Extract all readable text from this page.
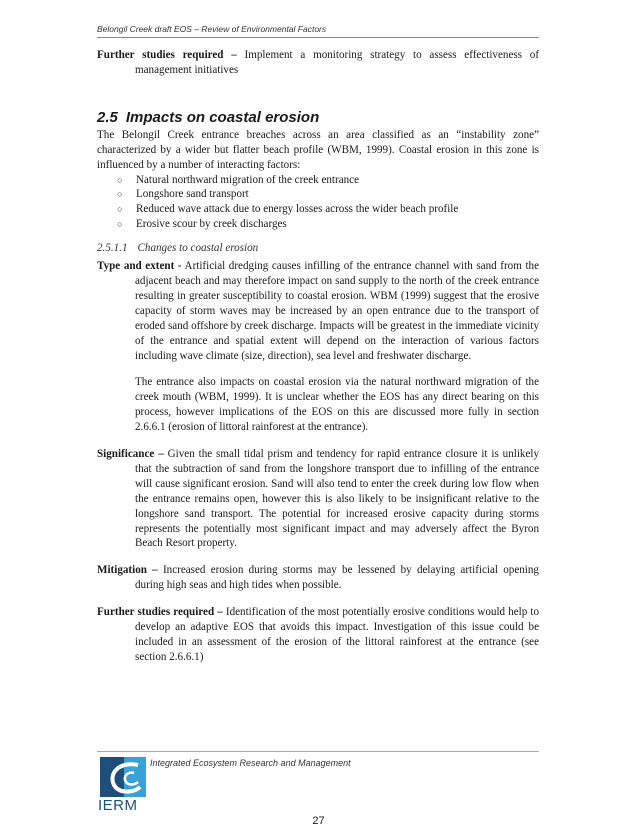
Belongil Creek draft EOS – Review of Environmental Factors

Further studies required – Implement a monitoring strategy to assess effectiveness of management initiatives

2.5 Impacts on coastal erosion

The Belongil Creek entrance breaches across an area classified as an “instability zone” characterized by a wider but flatter beach profile (WBM, 1999). Coastal erosion in this zone is influenced by a number of interacting factors:

○ Natural northward migration of the creek entrance
○ Longshore sand transport
○ Reduced wave attack due to energy losses across the wider beach profile
○ Erosive scour by creek discharges
2.5.1.1 Changes to coastal erosion

Type and extent - Artificial dredging causes infilling of the entrance channel with sand from the adjacent beach and may therefore impact on sand supply to the north of the creek entrance resulting in greater susceptibility to coastal erosion. WBM (1999) suggest that the erosive capacity of storm waves may be increased by an open entrance due to the transport of eroded sand offshore by creek discharge. Impacts will be greatest in the immediate vicinity of the entrance and spatial extent will depend on the interaction of various factors including wave climate (size, direction), sea level and freshwater discharge.

The entrance also impacts on coastal erosion via the natural northward migration of the creek mouth (WBM, 1999). It is unclear whether the EOS has any direct bearing on this process, however implications of the EOS on this are discussed more fully in section 2.6.6.1 (erosion of littoral rainforest at the entrance).

Significance – Given the small tidal prism and tendency for rapid entrance closure it is unlikely that the subtraction of sand from the longshore transport due to infilling of the entrance will cause significant erosion. Sand will also tend to enter the creek during low flow when the entrance remains open, however this is also likely to be insignificant relative to the longshore sand transport. The potential for increased erosive capacity during storms represents the potentially most significant impact and may adversely affect the Byron Beach Resort property.

Mitigation – Increased erosion during storms may be lessened by delaying artificial opening during high seas and high tides when possible.

Further studies required – Identification of the most potentially erosive conditions would help to develop an adaptive EOS that avoids this impact. Investigation of this issue could be included in an assessment of the erosion of the littoral rainforest at the entrance (see section 2.6.6.1)

IERM
Integrated Ecosystem Research and Management
27
